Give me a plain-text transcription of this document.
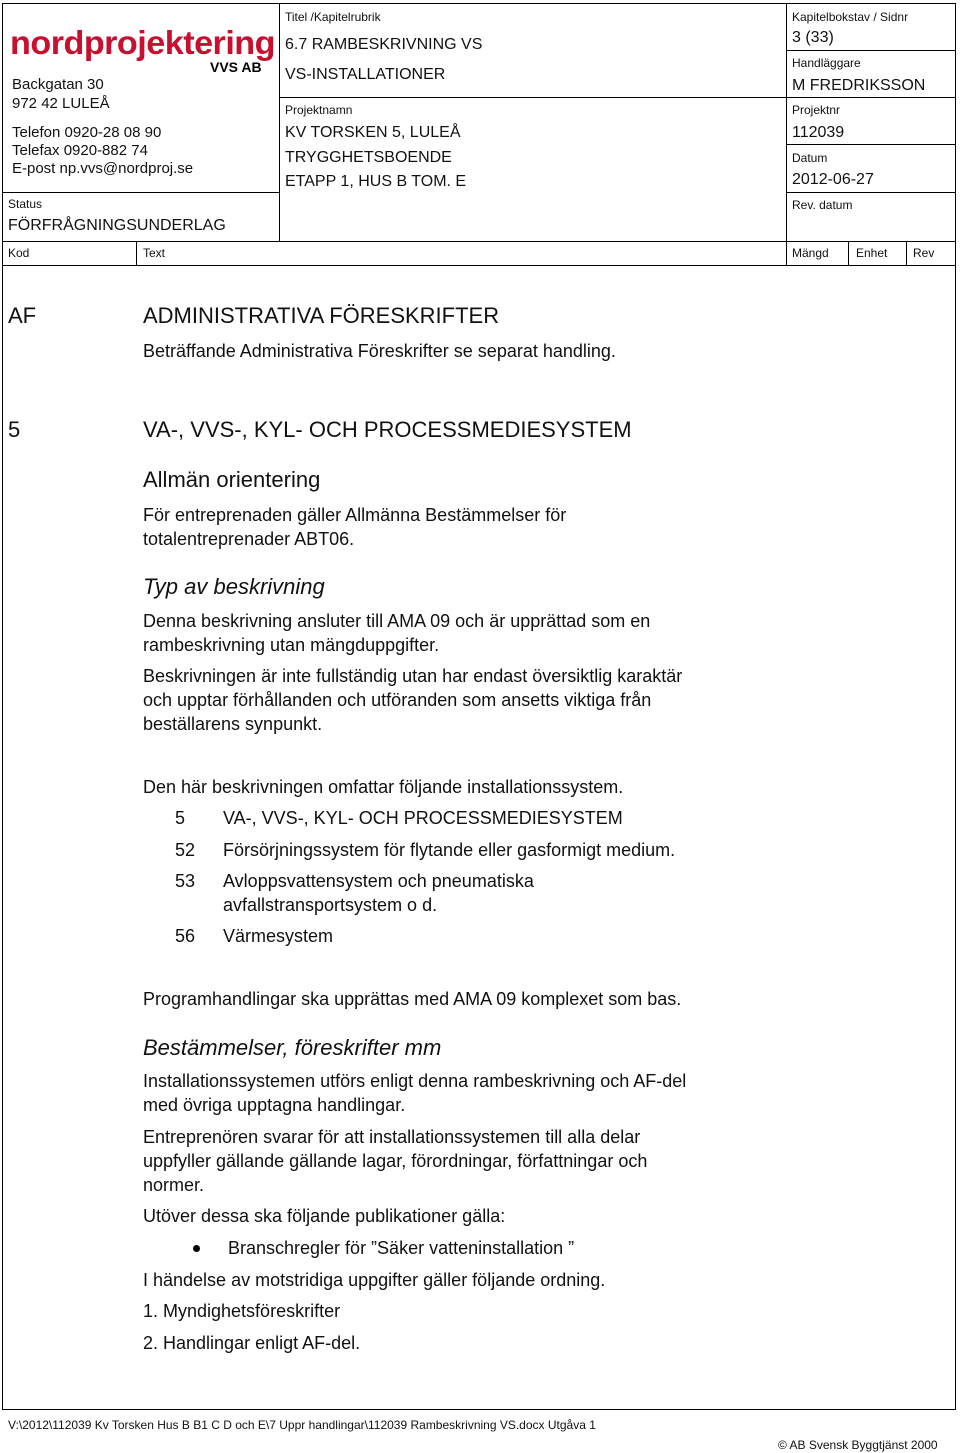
nordprojektering
VVS AB
Backgatan 30
972 42 LULEÅ
Telefon 0920-28 08 90
Telefax 0920-882 74
E-post np.vvs@nordproj.se
Status
FÖRFRÅGNINGSUNDERLAG
Titel /Kapitelrubrik
6.7 RAMBESKRIVNING VS
VS-INSTALLATIONER
Projektnamn
KV TORSKEN 5, LULEÅ
TRYGGHETSBOENDE
ETAPP 1, HUS B TOM. E
Kapitelbokstav / Sidnr
3 (33)
Handläggare
M FREDRIKSSON
Projektnr
112039
Datum
2012-06-27
Rev. datum
Kod	Text	Mängd Enhet Rev
AF	ADMINISTRATIVA FÖRESKRIFTER
Beträffande Administrativa Föreskrifter se separat handling.
5	VA-, VVS-, KYL- OCH PROCESSMEDIESYSTEM
Allmän orientering
För entreprenaden gäller Allmänna Bestämmelser för
totalentreprenader ABT06.
Typ av beskrivning
Denna beskrivning ansluter till AMA 09 och är upprättad som en
rambeskrivning utan mängduppgifter.
Beskrivningen är inte fullständig utan har endast översiktlig karaktär
och upptar förhållanden och utföranden som ansetts viktiga från
beställarens synpunkt.
Den här beskrivningen omfattar följande installationssystem.
5 VA-, VVS-, KYL- OCH PROCESSMEDIESYSTEM
52 Försörjningssystem för flytande eller gasformigt medium.
53 Avloppsvattensystem och pneumatiska
avfallstransportsystem o d.
56 Värmesystem
Programhandlingar ska upprättas med AMA 09 komplexet som bas.
Bestämmelser, föreskrifter mm
Installationssystemen utförs enligt denna rambeskrivning och AF-del
med övriga upptagna handlingar.
Entreprenören svarar för att installationssystemen till alla delar
uppfyller gällande gällande lagar, förordningar, författningar och
normer.
Utöver dessa ska följande publikationer gälla:
Branschregler för ”Säker vatteninstallation ”
I händelse av motstridiga uppgifter gäller följande ordning.
1. Myndighetsföreskrifter
2. Handlingar enligt AF-del.
V:\2012\112039 Kv Torsken Hus B B1 C D och E\7 Uppr handlingar\112039 Rambeskrivning VS.docx Utgåva 1
© AB Svensk Byggtjänst 2000
